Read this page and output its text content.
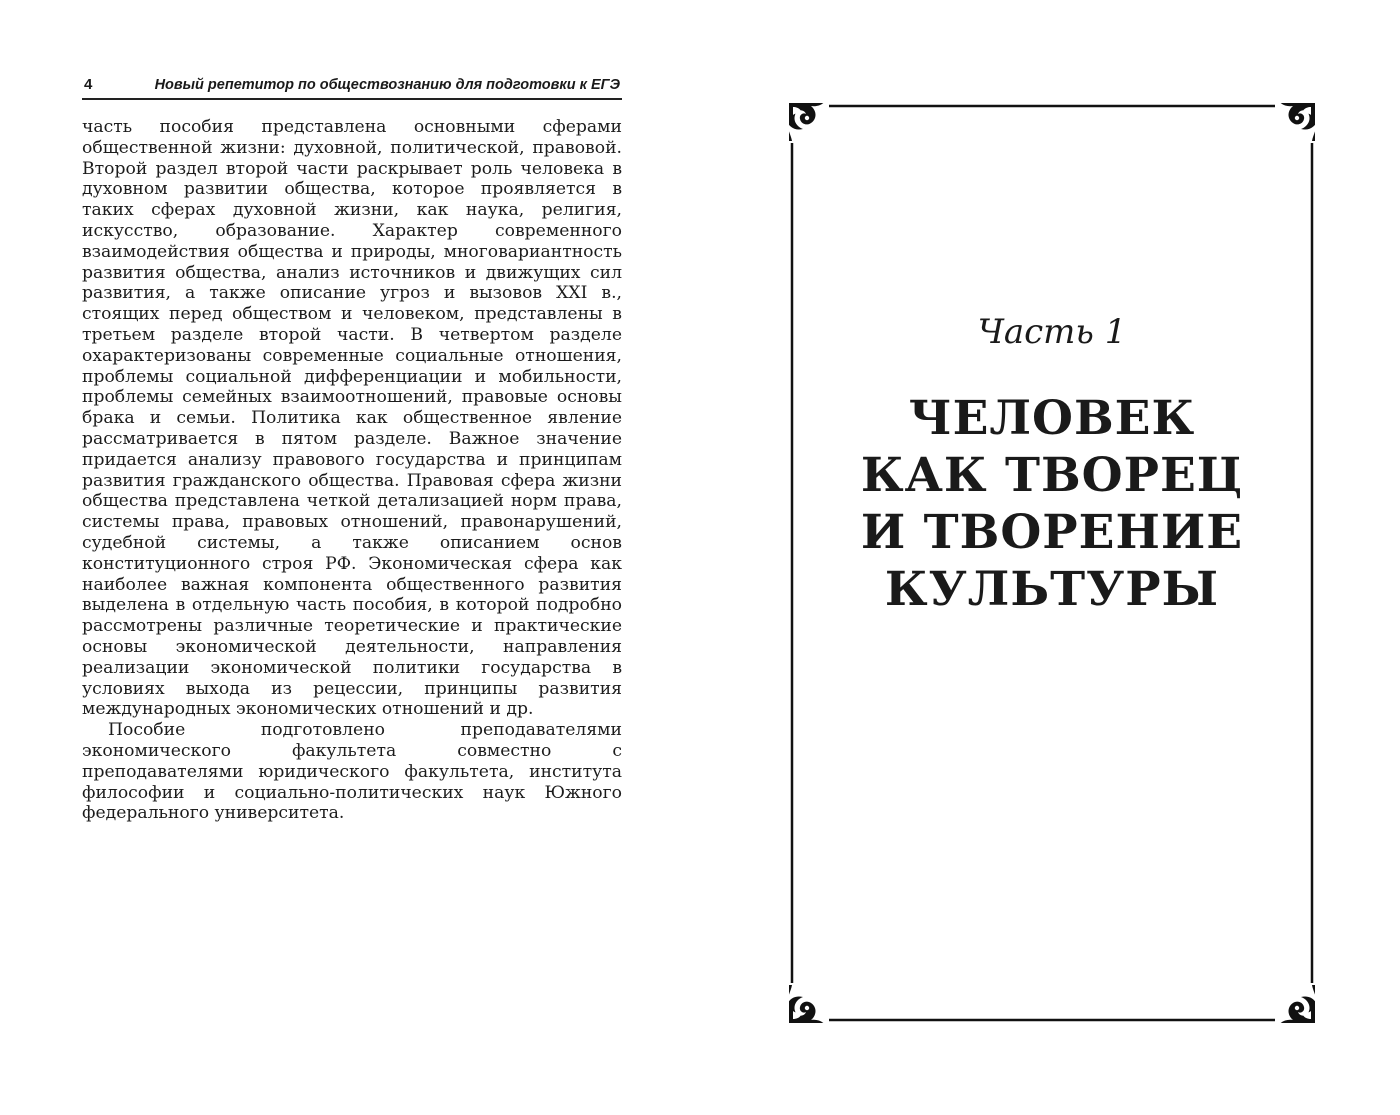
4	Новый репетитор по обществознанию для подготовки к ЕГЭ

часть пособия представлена основными сферами общественной жизни: духовной, политической, правовой. Второй раздел второй части раскрывает роль человека в духовном развитии общества, которое проявляется в таких сферах духовной жизни, как наука, религия, искусство, образование. Характер современного взаимодействия общества и природы, многовариантность развития общества, анализ источников и движущих сил развития, а также описание угроз и вызовов XXI в., стоящих перед обществом и человеком, представлены в третьем разделе второй части. В четвертом разделе охарактеризованы современные социальные отношения, проблемы социальной дифференциации и мобильности, проблемы семейных взаимоотношений, правовые основы брака и семьи. Политика как общественное явление рассматривается в пятом разделе. Важное значение придается анализу правового государства и принципам развития гражданского общества. Правовая сфера жизни общества представлена четкой детализацией норм права, системы права, правовых отношений, правонарушений, судебной системы, а также описанием основ конституционного строя РФ. Экономическая сфера как наиболее важная компонента общественного развития выделена в отдельную часть пособия, в которой подробно рассмотрены различные теоретические и практические основы экономической деятельности, направления реализации экономической политики государства в условиях выхода из рецессии, принципы развития международных экономических отношений и др.

Пособие подготовлено преподавателями экономического факультета совместно с преподавателями юридического факультета, института философии и социально-политических наук Южного федерального университета.

Часть 1
ЧЕЛОВЕК
КАК ТВОРЕЦ
И ТВОРЕНИЕ
КУЛЬТУРЫ
